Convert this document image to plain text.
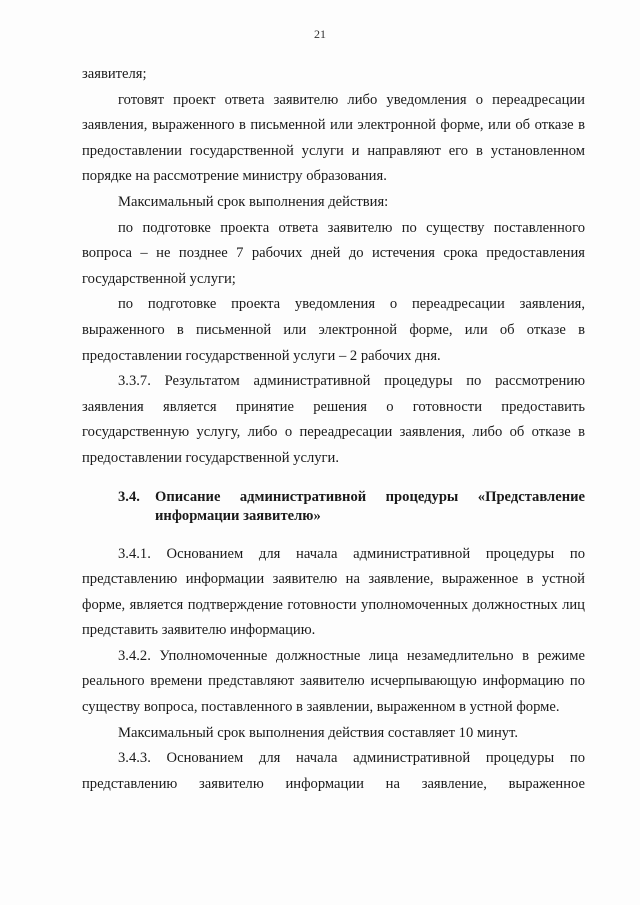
21

заявителя;

готовят проект ответа заявителю либо уведомления о переадресации заявления, выраженного в письменной или электронной форме, или об отказе в предоставлении государственной услуги и направляют его в установленном порядке на рассмотрение министру образования.

Максимальный срок выполнения действия:

по подготовке проекта ответа заявителю по существу поставленного вопроса – не позднее 7 рабочих дней до истечения срока предоставления государственной услуги;

по подготовке проекта уведомления о переадресации заявления, выраженного в письменной или электронной форме, или об отказе в предоставлении государственной услуги – 2 рабочих дня.

3.3.7. Результатом административной процедуры по рассмотрению заявления является принятие решения о готовности предоставить государственную услугу, либо о переадресации заявления, либо об отказе в предоставлении государственной услуги.

3.4.	Описание административной процедуры «Представление информации заявителю»

3.4.1. Основанием для начала административной процедуры по представлению информации заявителю на заявление, выраженное в устной форме, является подтверждение готовности уполномоченных должностных лиц представить заявителю информацию.

3.4.2. Уполномоченные должностные лица незамедлительно в режиме реального времени представляют заявителю исчерпывающую информацию по существу вопроса, поставленного в заявлении, выраженном в устной форме.

Максимальный срок выполнения действия составляет 10 минут.

3.4.3. Основанием для начала административной процедуры по представлению заявителю информации на заявление, выраженное
